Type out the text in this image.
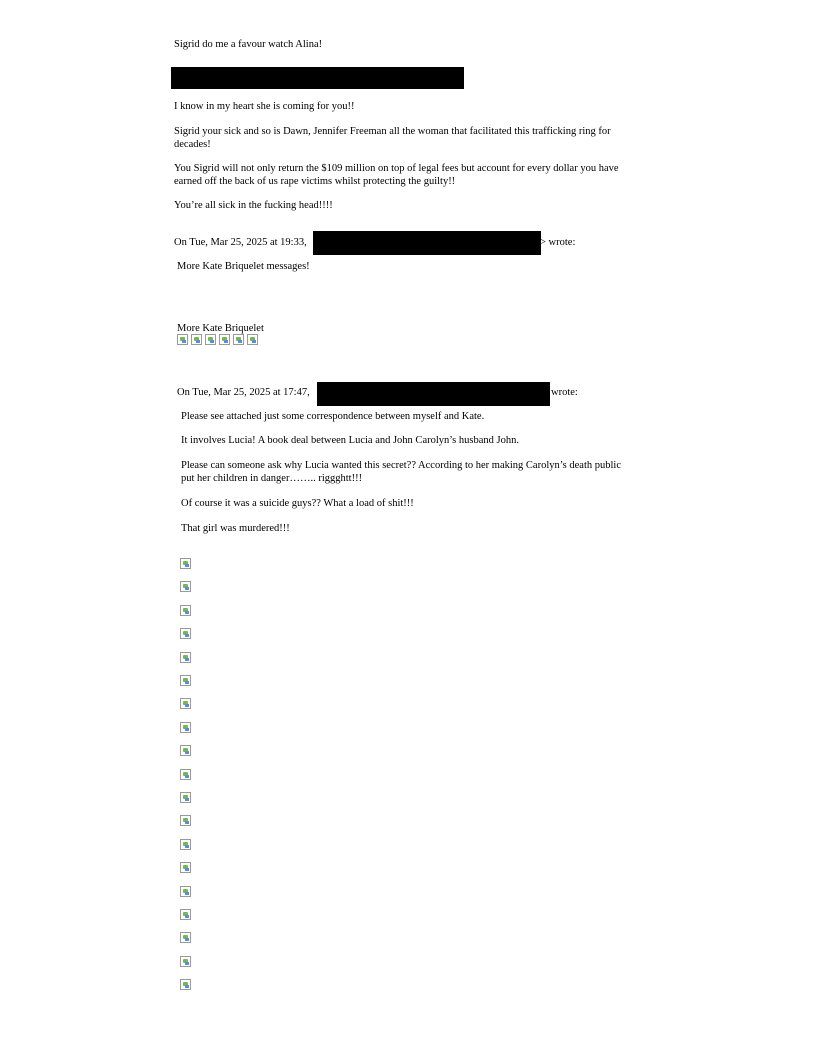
Sigrid do me a favour watch Alina!
I know in my heart she is coming for you!!
Sigrid your sick and so is Dawn, Jennifer Freeman all the woman that facilitated this trafficking ring for decades!
You Sigrid will not only return the $109 million on top of legal fees but account for every dollar you have earned off the back of us rape victims whilst protecting the guilty!!
You’re all sick in the fucking head!!!!
On Tue, Mar 25, 2025 at 19:33,	> wrote:
More Kate Briquelet messages!
More Kate Briquelet
On Tue, Mar 25, 2025 at 17:47,	wrote:
Please see attached just some correspondence between myself and Kate.
It involves Lucia! A book deal between Lucia and John Carolyn’s husband John.
Please can someone ask why Lucia wanted this secret?? According to her making Carolyn’s death public put her children in danger…….. riggghtt!!!
Of course it was a suicide guys?? What a load of shit!!!
That girl was murdered!!!
